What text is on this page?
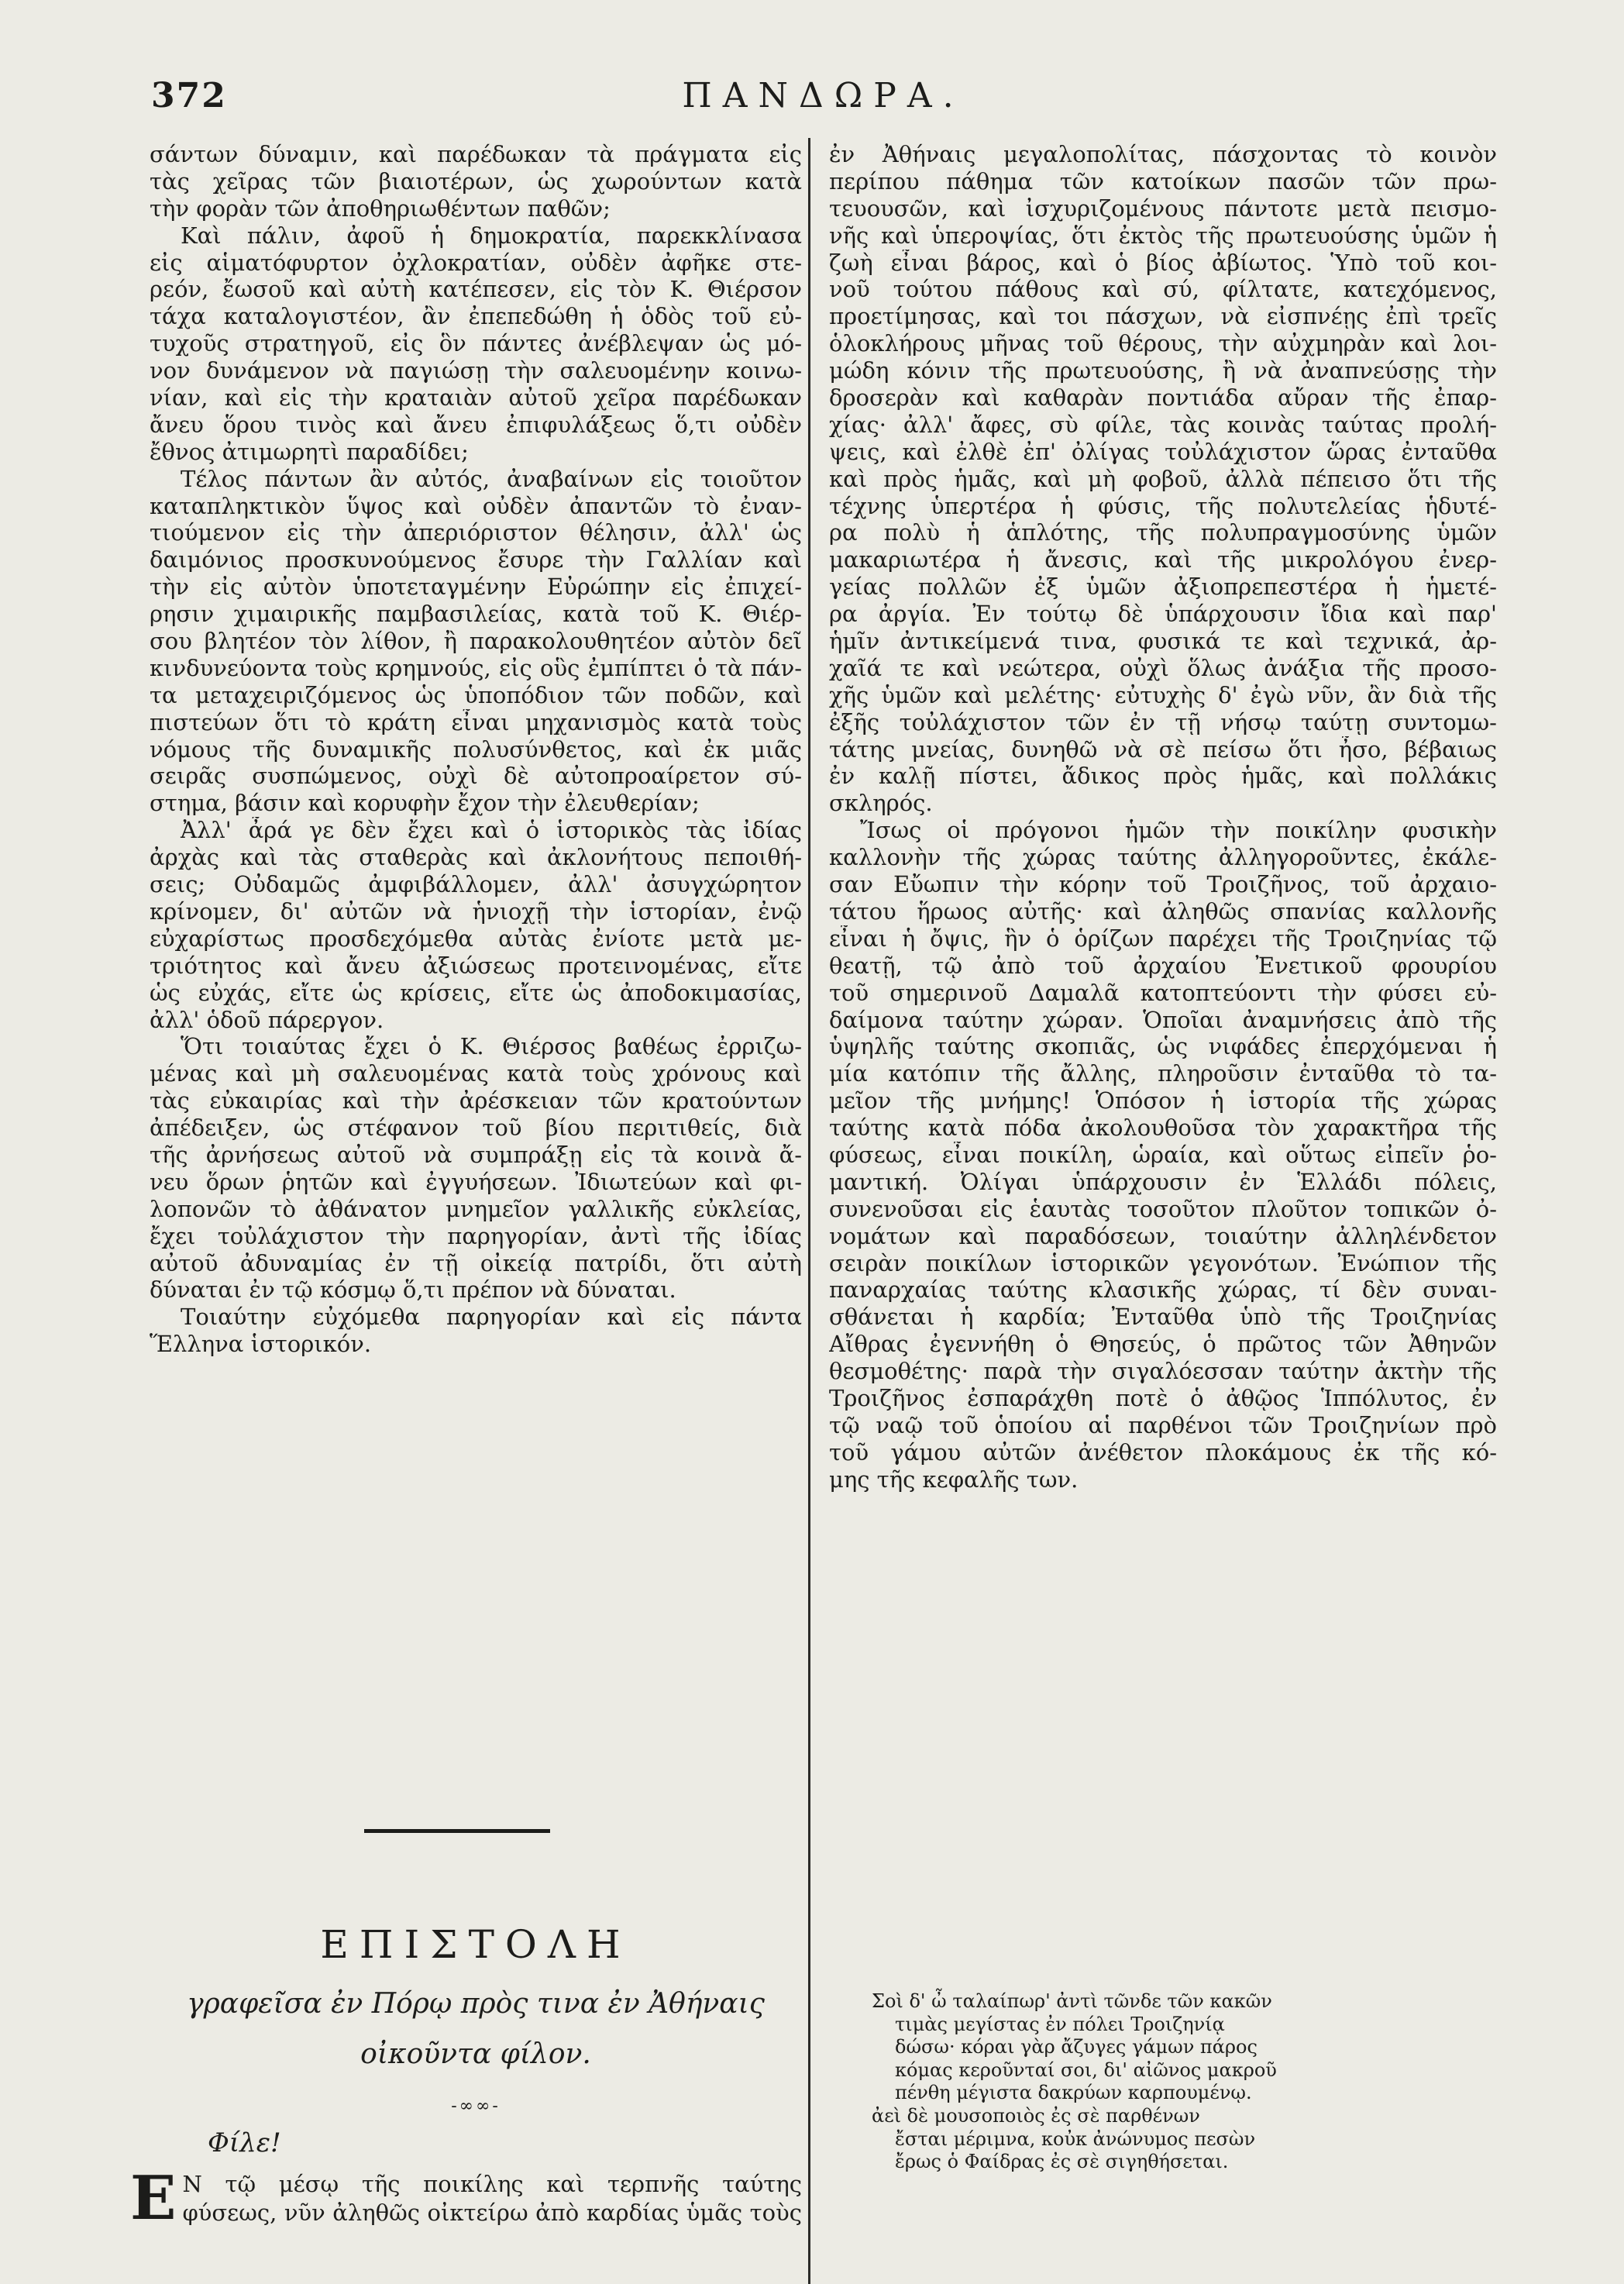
372	ΠΑΝΔΩΡΑ.
σάντων δύναμιν, καὶ παρέδωκαν τὰ πράγματα εἰς
τὰς χεῖρας τῶν βιαιοτέρων, ὡς χωρούντων κατὰ
τὴν φορὰν τῶν ἀποθηριωθέντων παθῶν;
Καὶ πάλιν, ἀφοῦ ἡ δημοκρατία, παρεκκλίνασα
εἰς αἱματόφυρτον ὀχλοκρατίαν, οὐδὲν ἀφῆκε στε-
ρεόν, ἔωσοῦ καὶ αὐτὴ κατέπεσεν, εἰς τὸν Κ. Θιέρσον
τάχα καταλογιστέον, ἂν ἐπεπεδώθη ἡ ὁδὸς τοῦ εὐ-
τυχοῦς στρατηγοῦ, εἰς ὃν πάντες ἀνέβλεψαν ὡς μό-
νον δυνάμενον νὰ παγιώσῃ τὴν σαλευομένην κοινω-
νίαν, καὶ εἰς τὴν κραταιὰν αὐτοῦ χεῖρα παρέδωκαν
ἄνευ ὅρου τινὸς καὶ ἄνευ ἐπιφυλάξεως ὅ,τι οὐδὲν
ἔθνος ἀτιμωρητὶ παραδίδει;
Τέλος πάντων ἂν αὐτός, ἀναβαίνων εἰς τοιοῦτον
καταπληκτικὸν ὕψος καὶ οὐδὲν ἀπαντῶν τὸ ἐναν-
τιούμενον εἰς τὴν ἀπεριόριστον θέλησιν, ἀλλ' ὡς
δαιμόνιος προσκυνούμενος ἔσυρε τὴν Γαλλίαν καὶ
τὴν εἰς αὐτὸν ὑποτεταγμένην Εὐρώπην εἰς ἐπιχεί-
ρησιν χιμαιρικῆς παμβασιλείας, κατὰ τοῦ Κ. Θιέρ-
σου βλητέον τὸν λίθον, ἢ παρακολουθητέον αὐτὸν δεῖ
κινδυνεύοντα τοὺς κρημνούς, εἰς οὓς ἐμπίπτει ὁ τὰ πάν-
τα μεταχειριζόμενος ὡς ὑποπόδιον τῶν ποδῶν, καὶ
πιστεύων ὅτι τὸ κράτη εἶναι μηχανισμὸς κατὰ τοὺς
νόμους τῆς δυναμικῆς πολυσύνθετος, καὶ ἐκ μιᾶς
σειρᾶς συσπώμενος, οὐχὶ δὲ αὐτοπροαίρετον σύ-
στημα, βάσιν καὶ κορυφὴν ἔχον τὴν ἐλευθερίαν;
Ἀλλ' ἆρά γε δὲν ἔχει καὶ ὁ ἱστορικὸς τὰς ἰδίας
ἀρχὰς καὶ τὰς σταθερὰς καὶ ἀκλονήτους πεποιθή-
σεις; Οὐδαμῶς ἀμφιβάλλομεν, ἀλλ' ἀσυγχώρητον
κρίνομεν, δι' αὐτῶν νὰ ἡνιοχῇ τὴν ἱστορίαν, ἐνῷ
εὐχαρίστως προσδεχόμεθα αὐτὰς ἐνίοτε μετὰ με-
τριότητος καὶ ἄνευ ἀξιώσεως προτεινομένας, εἴτε
ὡς εὐχάς, εἴτε ὡς κρίσεις, εἴτε ὡς ἀποδοκιμασίας,
ἀλλ' ὁδοῦ πάρεργον.
Ὅτι τοιαύτας ἔχει ὁ Κ. Θιέρσος βαθέως ἐρριζω-
μένας καὶ μὴ σαλευομένας κατὰ τοὺς χρόνους καὶ
τὰς εὐκαιρίας καὶ τὴν ἀρέσκειαν τῶν κρατούντων
ἀπέδειξεν, ὡς στέφανον τοῦ βίου περιτιθείς, διὰ
τῆς ἀρνήσεως αὐτοῦ νὰ συμπράξῃ εἰς τὰ κοινὰ ἄ-
νευ ὅρων ῥητῶν καὶ ἐγγυήσεων. Ἰδιωτεύων καὶ φι-
λοπονῶν τὸ ἀθάνατον μνημεῖον γαλλικῆς εὐκλείας,
ἔχει τοὐλάχιστον τὴν παρηγορίαν, ἀντὶ τῆς ἰδίας
αὐτοῦ ἀδυναμίας ἐν τῇ οἰκείᾳ πατρίδι, ὅτι αὐτὴ
δύναται ἐν τῷ κόσμῳ ὅ,τι πρέπον νὰ δύναται.
Τοιαύτην εὐχόμεθα παρηγορίαν καὶ εἰς πάντα
Ἕλληνα ἱστορικόν.
ΕΠΙΣΤΟΛΗ
γραφεῖσα ἐν Πόρῳ πρὸς τινα ἐν Ἀθήναις
οἰκοῦντα φίλον.
-∞∞-
Φίλε!
Ε Ν τῷ μέσῳ τῆς ποικίλης καὶ τερπνῆς ταύτης
φύσεως, νῦν ἀληθῶς οἰκτείρω ἀπὸ καρδίας ὑμᾶς τοὺς
ἐν Ἀθήναις μεγαλοπολίτας, πάσχοντας τὸ κοινὸν
περίπου πάθημα τῶν κατοίκων πασῶν τῶν πρω-
τευουσῶν, καὶ ἰσχυριζομένους πάντοτε μετὰ πεισμο-
νῆς καὶ ὑπεροψίας, ὅτι ἐκτὸς τῆς πρωτευούσης ὑμῶν ἡ
ζωὴ εἶναι βάρος, καὶ ὁ βίος ἀβίωτος. Ὑπὸ τοῦ κοι-
νοῦ τούτου πάθους καὶ σύ, φίλτατε, κατεχόμενος,
προετίμησας, καὶ τοι πάσχων, νὰ εἰσπνέῃς ἐπὶ τρεῖς
ὁλοκλήρους μῆνας τοῦ θέρους, τὴν αὐχμηρὰν καὶ λοι-
μώδη κόνιν τῆς πρωτευούσης, ἢ νὰ ἀναπνεύσῃς τὴν
δροσερὰν καὶ καθαρὰν ποντιάδα αὔραν τῆς ἐπαρ-
χίας· ἀλλ' ἄφες, σὺ φίλε, τὰς κοινὰς ταύτας προλή-
ψεις, καὶ ἐλθὲ ἐπ' ὀλίγας τοὐλάχιστον ὥρας ἐνταῦθα
καὶ πρὸς ἡμᾶς, καὶ μὴ φοβοῦ, ἀλλὰ πέπεισο ὅτι τῆς
τέχνης ὑπερτέρα ἡ φύσις, τῆς πολυτελείας ἡδυτέ-
ρα πολὺ ἡ ἁπλότης, τῆς πολυπραγμοσύνης ὑμῶν
μακαριωτέρα ἡ ἄνεσις, καὶ τῆς μικρολόγου ἐνερ-
γείας πολλῶν ἐξ ὑμῶν ἀξιοπρεπεστέρα ἡ ἡμετέ-
ρα ἀργία. Ἐν τούτῳ δὲ ὑπάρχουσιν ἴδια καὶ παρ'
ἡμῖν ἀντικείμενά τινα, φυσικά τε καὶ τεχνικά, ἀρ-
χαῖά τε καὶ νεώτερα, οὐχὶ ὅλως ἀνάξια τῆς προσο-
χῆς ὑμῶν καὶ μελέτης· εὐτυχὴς δ' ἐγὼ νῦν, ἂν διὰ τῆς
ἐξῆς τοὐλάχιστον τῶν ἐν τῇ νήσῳ ταύτῃ συντομω-
τάτης μνείας, δυνηθῶ νὰ σὲ πείσω ὅτι ἦσο, βέβαιως
ἐν καλῇ πίστει, ἄδικος πρὸς ἡμᾶς, καὶ πολλάκις
σκληρός.
Ἴσως οἱ πρόγονοι ἡμῶν τὴν ποικίλην φυσικὴν
καλλονὴν τῆς χώρας ταύτης ἀλληγοροῦντες, ἐκάλε-
σαν Εὔωπιν τὴν κόρην τοῦ Τροιζῆνος, τοῦ ἀρχαιο-
τάτου ἥρωος αὐτῆς· καὶ ἀληθῶς σπανίας καλλονῆς
εἶναι ἡ ὄψις, ἣν ὁ ὁρίζων παρέχει τῆς Τροιζηνίας τῷ
θεατῇ, τῷ ἀπὸ τοῦ ἀρχαίου Ἐνετικοῦ φρουρίου
τοῦ σημερινοῦ Δαμαλᾶ κατοπτεύοντι τὴν φύσει εὐ-
δαίμονα ταύτην χώραν. Ὁποῖαι ἀναμνήσεις ἀπὸ τῆς
ὑψηλῆς ταύτης σκοπιᾶς, ὡς νιφάδες ἐπερχόμεναι ἡ
μία κατόπιν τῆς ἄλλης, πληροῦσιν ἐνταῦθα τὸ τα-
μεῖον τῆς μνήμης! Ὁπόσον ἡ ἱστορία τῆς χώρας
ταύτης κατὰ πόδα ἀκολουθοῦσα τὸν χαρακτῆρα τῆς
φύσεως, εἶναι ποικίλη, ὡραία, καὶ οὕτως εἰπεῖν ῥο-
μαντική. Ὀλίγαι ὑπάρχουσιν ἐν Ἑλλάδι πόλεις,
συνενοῦσαι εἰς ἑαυτὰς τοσοῦτον πλοῦτον τοπικῶν ὀ-
νομάτων καὶ παραδόσεων, τοιαύτην ἀλληλένδετον
σειρὰν ποικίλων ἱστορικῶν γεγονότων. Ἐνώπιον τῆς
παναρχαίας ταύτης κλασικῆς χώρας, τί δὲν συναι-
σθάνεται ἡ καρδία; Ἐνταῦθα ὑπὸ τῆς Τροιζηνίας
Αἴθρας ἐγεννήθη ὁ Θησεύς, ὁ πρῶτος τῶν Ἀθηνῶν
θεσμοθέτης· παρὰ τὴν σιγαλόεσσαν ταύτην ἀκτὴν τῆς
Τροιζῆνος ἐσπαράχθη ποτὲ ὁ ἀθῷος Ἱππόλυτος, ἐν
τῷ ναῷ τοῦ ὁποίου αἱ παρθένοι τῶν Τροιζηνίων πρὸ
τοῦ γάμου αὐτῶν ἀνέθετον πλοκάμους ἐκ τῆς κό-
μης τῆς κεφαλῆς των.
Σοὶ δ' ὦ ταλαίπωρ' ἀντὶ τῶνδε τῶν κακῶν
τιμὰς μεγίστας ἐν πόλει Τροιζηνίᾳ
δώσω· κόραι γὰρ ἄζυγες γάμων πάρος
κόμας κεροῦνταί σοι, δι' αἰῶνος μακροῦ
πένθη μέγιστα δακρύων καρπουμένῳ.
ἀεὶ δὲ μουσοποιὸς ἐς σὲ παρθένων
ἔσται μέριμνα, κοὐκ ἀνώνυμος πεσὼν
ἔρως ὁ Φαίδρας ἐς σὲ σιγηθήσεται.
